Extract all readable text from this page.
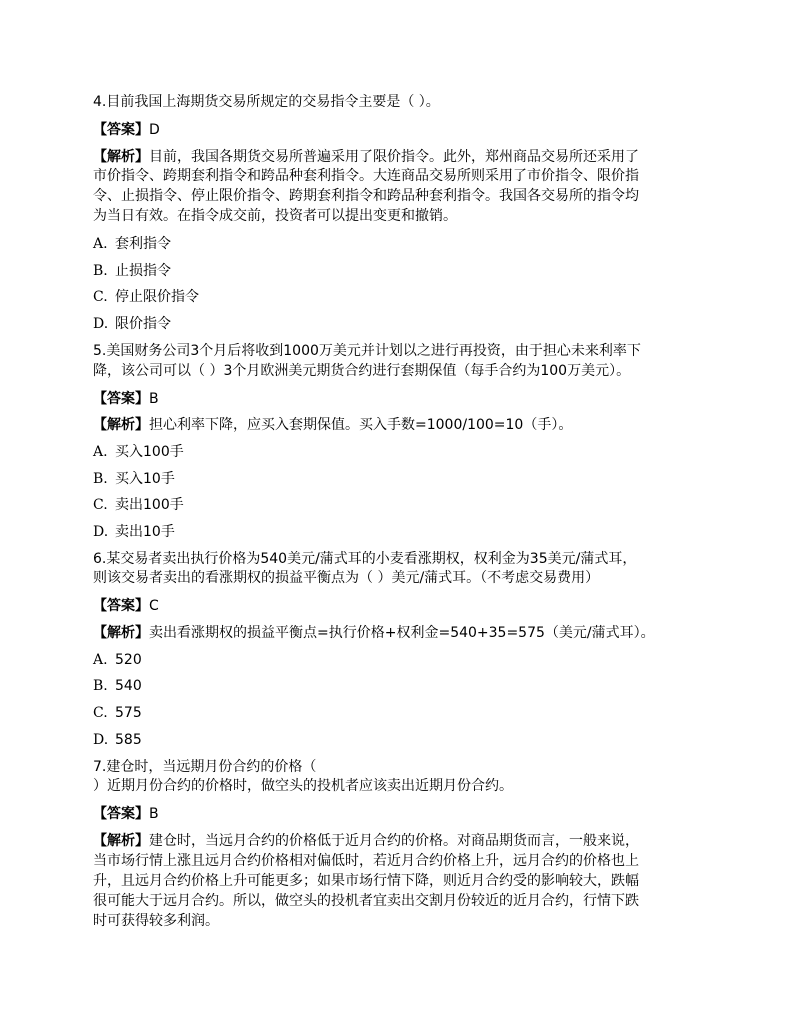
4.目前我国上海期货交易所规定的交易指令主要是（ ）。
【答案】D
【解析】目前，我国各期货交易所普遍采用了限价指令。此外，郑州商品交易所还采用了
市价指令、跨期套利指令和跨品种套利指令。大连商品交易所则采用了市价指令、限价指
令、止损指令、停止限价指令、跨期套利指令和跨品种套利指令。我国各交易所的指令均
为当日有效。在指令成交前，投资者可以提出变更和撤销。
A. 套利指令
B. 止损指令
C. 停止限价指令
D. 限价指令
5.美国财务公司3个月后将收到1000万美元并计划以之进行再投资，由于担心未来利率下
降，该公司可以（ ）3个月欧洲美元期货合约进行套期保值（每手合约为100万美元）。
【答案】B
【解析】担心利率下降，应买入套期保值。买入手数=1000/100=10（手）。
A. 买入100手
B. 买入10手
C. 卖出100手
D. 卖出10手
6.某交易者卖出执行价格为540美元/蒲式耳的小麦看涨期权，权利金为35美元/蒲式耳，
则该交易者卖出的看涨期权的损益平衡点为（ ）美元/蒲式耳。（不考虑交易费用）
【答案】C
【解析】卖出看涨期权的损益平衡点=执行价格+权利金=540+35=575（美元/蒲式耳）。
A. 520
B. 540
C. 575
D. 585
7.建仓时，当远期月份合约的价格（
）近期月份合约的价格时，做空头的投机者应该卖出近期月份合约。
【答案】B
【解析】建仓时，当远月合约的价格低于近月合约的价格。对商品期货而言，一般来说，
当市场行情上涨且远月合约价格相对偏低时，若近月合约价格上升，远月合约的价格也上
升，且远月合约价格上升可能更多；如果市场行情下降，则近月合约受的影响较大，跌幅
很可能大于远月合约。所以，做空头的投机者宜卖出交割月份较近的近月合约，行情下跌
时可获得较多利润。
